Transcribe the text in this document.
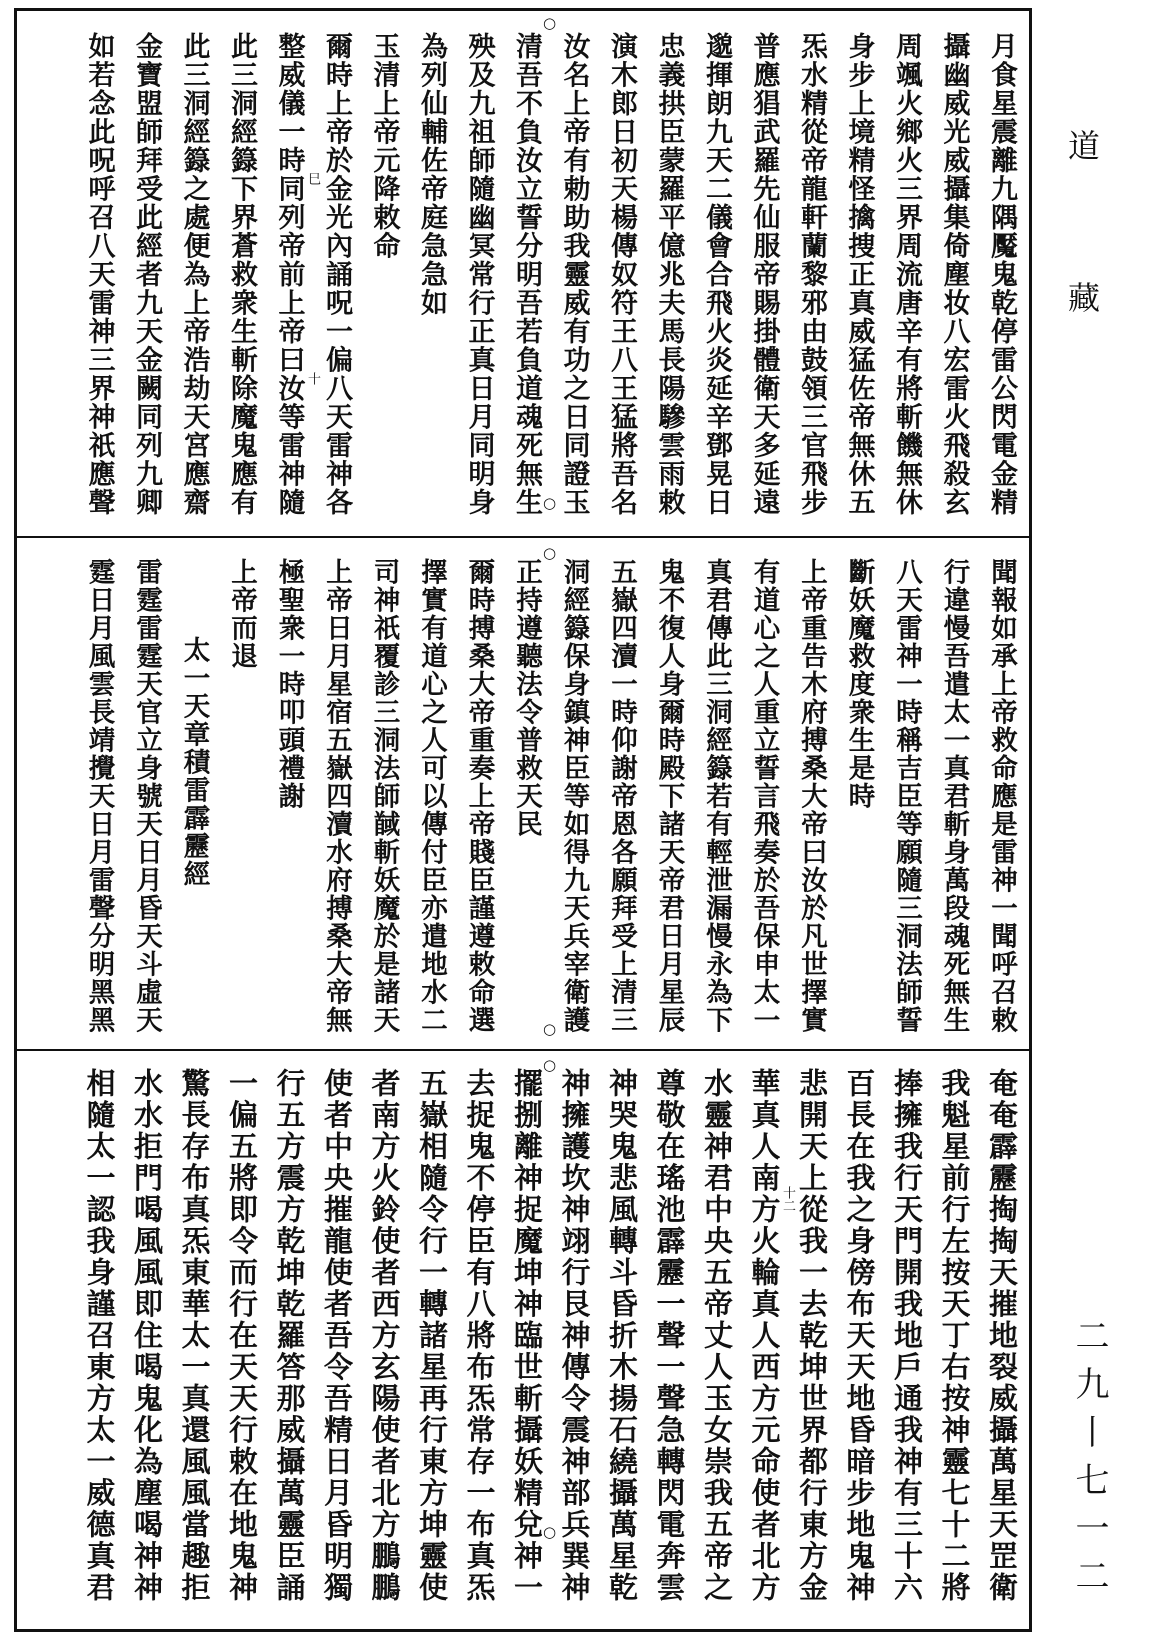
月食星震離九隅魘鬼乾停雷公閃電金精
攝幽威光威攝集倚塵妆八宏雷火飛殺玄
周颯火鄉火三界周流唐辛有將斬饑無休
身步上境精怪擒捜正真威猛佐帝無休五
炁水精從帝龍軒蘭黎邪由鼓領三官飛步
普應猖武羅先仙服帝賜掛體衛天多延遠
邈揮朗九天二儀會合飛火炎延辛鄧晃日
忠義拱臣蒙羅平億兆夫馬長陽驂雲雨敕
演木郎日初天楊傳奴符王八王猛將吾名
汝名上帝有勅助我靈威有功之日同證玉
清吾不負汝立誓分明吾若負道魂死無生
殃及九祖師隨幽冥常行正真日月同明身
為列仙輔佐帝庭急急如
玉清上帝元降敕命
爾時上帝於金光內誦呪一偏八天雷神各
整威儀一時同列帝前上帝曰汝等雷神隨
此三洞經籙下界蒼救衆生斬除魔鬼應有
此三洞經籙之處便為上帝浩劫天宮應齋
金寶盟師拜受此經者九天金闕同列九卿
如若念此呪呼召八天雷神三界神祇應聲
聞報如承上帝救命應是雷神一聞呼召敕
行違慢吾遣太一真君斬身萬段魂死無生
八天雷神一時稱吉臣等願隨三洞法師誓
斷妖魔救度衆生是時
上帝重告木府搏桑大帝曰汝於凡世擇實
有道心之人重立誓言飛奏於吾保申太一
真君傳此三洞經籙若有輕泄漏慢永為下
鬼不復人身爾時殿下諸天帝君日月星辰
五嶽四瀆一時仰謝帝恩各願拜受上清三
洞經籙保身鎮神臣等如得九天兵宰衛護
正持遵聽法令普救天民
爾時搏桑大帝重奏上帝賤臣謹遵敕命選
擇實有道心之人可以傳付臣亦遣地水二
司神祇覆診三洞法師馘斬妖魔於是諸天
上帝日月星宿五嶽四瀆水府搏桑大帝無
極聖衆一時叩頭禮謝
上帝而退
太一天章積雷霹靂經
雷霆雷霆天官立身號天日月昏天斗虛天
霆日月風雲長靖攪天日月雷聲分明黑黑
奄奄霹靂掏掏天摧地裂威攝萬星天罡衛
我魁星前行左按天丁右按神靈七十二將
捧擁我行天門開我地戶通我神有三十六
百長在我之身傍布天天地昏暗步地鬼神
悲開天上從我一去乾坤世界都行東方金
華真人南方火輪真人西方元命使者北方
水靈神君中央五帝丈人玉女崇我五帝之
尊敬在瑤池霹靂一聲一聲急轉閃電奔雲
神哭鬼悲風轉斗昏折木揚石繞攝萬星乾
神擁護坎神翊行艮神傳令震神部兵巽神
擺捌離神捉魔坤神臨世斬攝妖精兌神一
去捉鬼不停臣有八將布炁常存一布真炁
五嶽相隨令行一轉諸星再行東方坤靈使
者南方火鈴使者西方玄陽使者北方鵬鵬
使者中央摧龍使者吾令吾精日月昏明獨
行五方震方乾坤乾羅答那威攝萬靈臣誦
一偏五將即令而行在天天行敕在地鬼神
驚長存布真炁東華太一真還風風當趣拒
水水拒門喝風風即住喝鬼化為塵喝神神
相隨太一認我身謹召東方太一威德真君
○
○
○
○
○
○
巳
十
十二
道
藏
二九丨七一二
